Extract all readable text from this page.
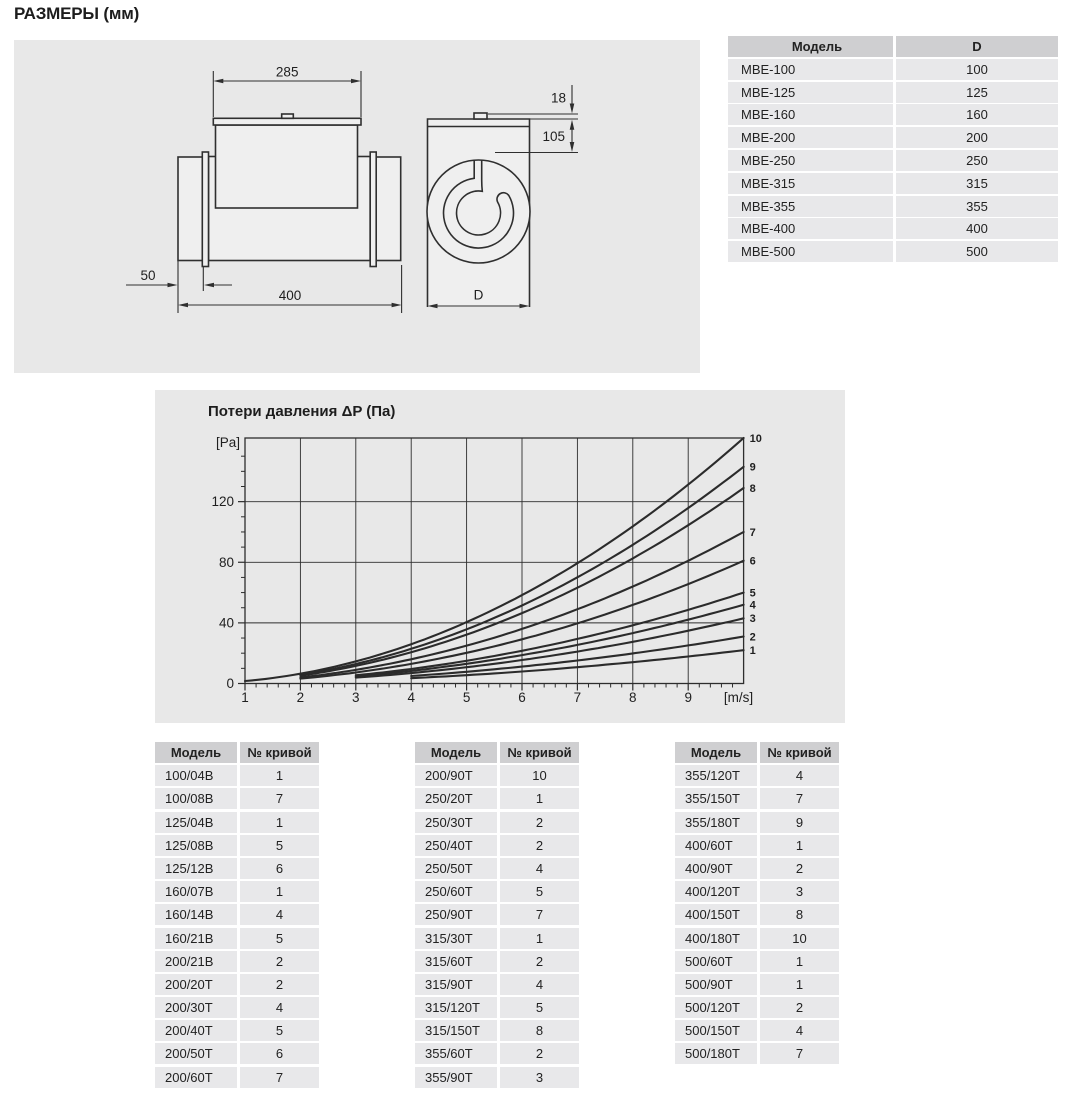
РАЗМЕРЫ (мм)
285
50
400
18
105
D
Модель	D
MBE-100	100
MBE-125	125
MBE-160	160
MBE-200	200
MBE-250	250
MBE-315	315
MBE-355	355
MBE-400	400
MBE-500	500
Потери давления ΔP (Па)
1	2	3	4	5	6	7	8	9 [m/s]
0
40
80
120
[Pa]
1
2
3
4
5
6
7
8
9
10
Модель	№ кривой
100/04B	1
100/08B	7
125/04B	1
125/08B	5
125/12B	6
160/07B	1
160/14B	4
160/21B	5
200/21B	2
200/20T	2
200/30T	4
200/40T	5
200/50T	6
200/60T	7
Модель	№ кривой
200/90T	10
250/20T	1
250/30T	2
250/40T	2
250/50T	4
250/60T	5
250/90T	7
315/30T	1
315/60T	2
315/90T	4
315/120T	5
315/150T	8
355/60T	2
355/90T	3
Модель	№ кривой
355/120T	4
355/150T	7
355/180T	9
400/60T	1
400/90T	2
400/120T	3
400/150T	8
400/180T	10
500/60T	1
500/90T	1
500/120T	2
500/150T	4
500/180T	7
